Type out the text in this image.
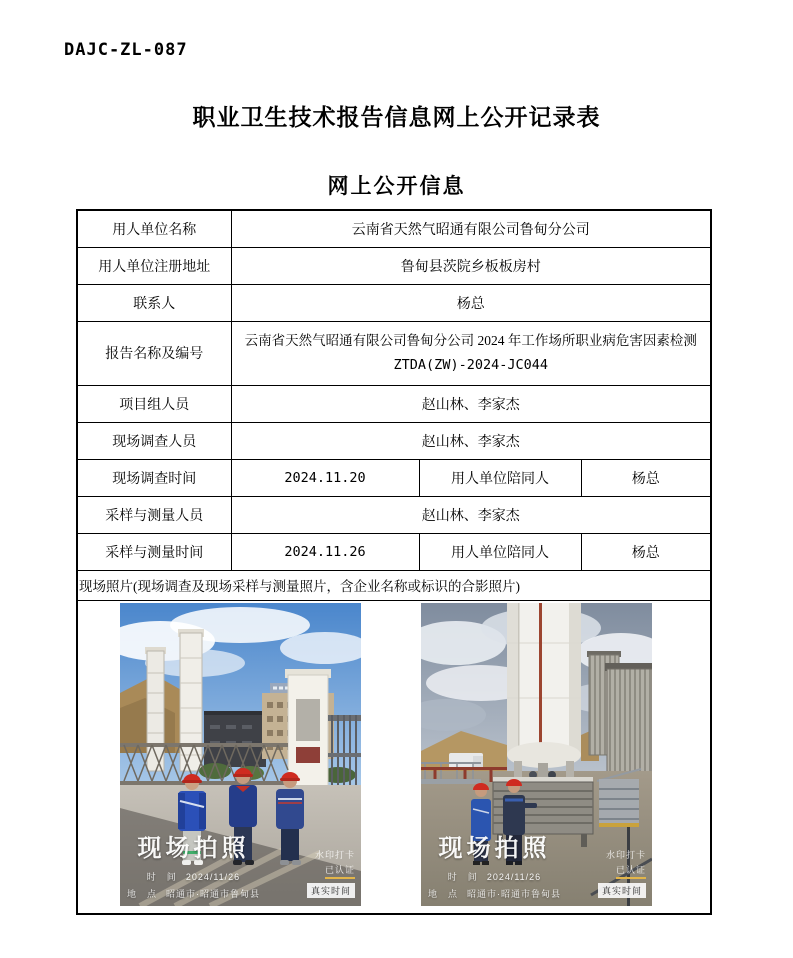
DAJC-ZL-087
职业卫生技术报告信息网上公开记录表
网上公开信息
用人单位名称	云南省天然气昭通有限公司鲁甸分公司		
用人单位注册地址	鲁甸县茨院乡板板房村		
联系人	杨总		
报告名称及编号	云南省天然气昭通有限公司鲁甸分公司 2024 年工作场所职业病危害因素检测
ZTDA(ZW)-2024-JC044		

项目组人员	赵山林、李家杰		
现场调查人员	赵山林、李家杰		
现场调查时间	2024.11.20	用人单位陪同人	杨总
采样与测量人员	赵山林、李家杰		
采样与测量时间	2024.11.26	用人单位陪同人	杨总
现场照片(现场调查及现场采样与测量照片，含企业名称或标识的合影照片)			

现场拍照
时　间 2024/11/26
地　点 昭通市·昭通市鲁甸县
水印打卡
已认证
真实时间
现场拍照
时　间 2024/11/26
地　点 昭通市·昭通市鲁甸县
水印打卡
已认证
真实时间
